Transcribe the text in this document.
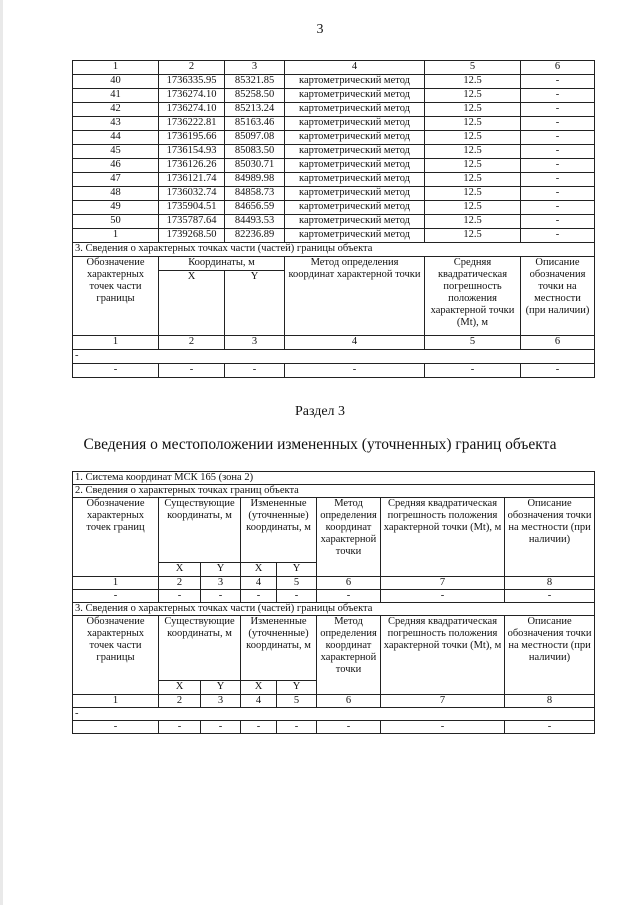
3
1	2	3	4	5	6
40	1736335.95	85321.85	картометрический метод	12.5	-
41	1736274.10	85258.50	картометрический метод	12.5	-
42	1736274.10	85213.24	картометрический метод	12.5	-
43	1736222.81	85163.46	картометрический метод	12.5	-
44	1736195.66	85097.08	картометрический метод	12.5	-
45	1736154.93	85083.50	картометрический метод	12.5	-
46	1736126.26	85030.71	картометрический метод	12.5	-
47	1736121.74	84989.98	картометрический метод	12.5	-
48	1736032.74	84858.73	картометрический метод	12.5	-
49	1735904.51	84656.59	картометрический метод	12.5	-
50	1735787.64	84493.53	картометрический метод	12.5	-
1	1739268.50	82236.89	картометрический метод	12.5	-
3. Сведения о характерных точках части (частей) границы объекта					
Обозначение характерных точек части границы	Координаты, м		Метод определения координат характерной точки	Средняя квадратическая погрешность положения характерной точки (Mt), м	Описание обозначения точки на местности (при наличии)
	X	Y			
1	2	3	4	5	6
-					
-	-	-	-	-	-
Раздел 3
Сведения о местоположении измененных (уточненных) границ объекта
1. Система координат МСК 165 (зона 2)							
2. Сведения о характерных точках границ объекта							
Обозначение характерных точек границ	Существующие координаты, м		Измененные (уточненные) координаты, м		Метод определения координат характерной точки	Средняя квадратическая погрешность положения характерной точки (Mt), м	Описание обозначения точки на местности (при наличии)
	X	Y	X	Y			
1	2	3	4	5	6	7	8
-	-	-	-	-	-	-	-
3. Сведения о характерных точках части (частей) границы объекта							
Обозначение характерных точек части границы	Существующие координаты, м		Измененные (уточненные) координаты, м		Метод определения координат характерной точки	Средняя квадратическая погрешность положения характерной точки (Mt), м	Описание обозначения точки на местности (при наличии)
	X	Y	X	Y			
1	2	3	4	5	6	7	8
-							
-	-	-	-	-	-	-	-
